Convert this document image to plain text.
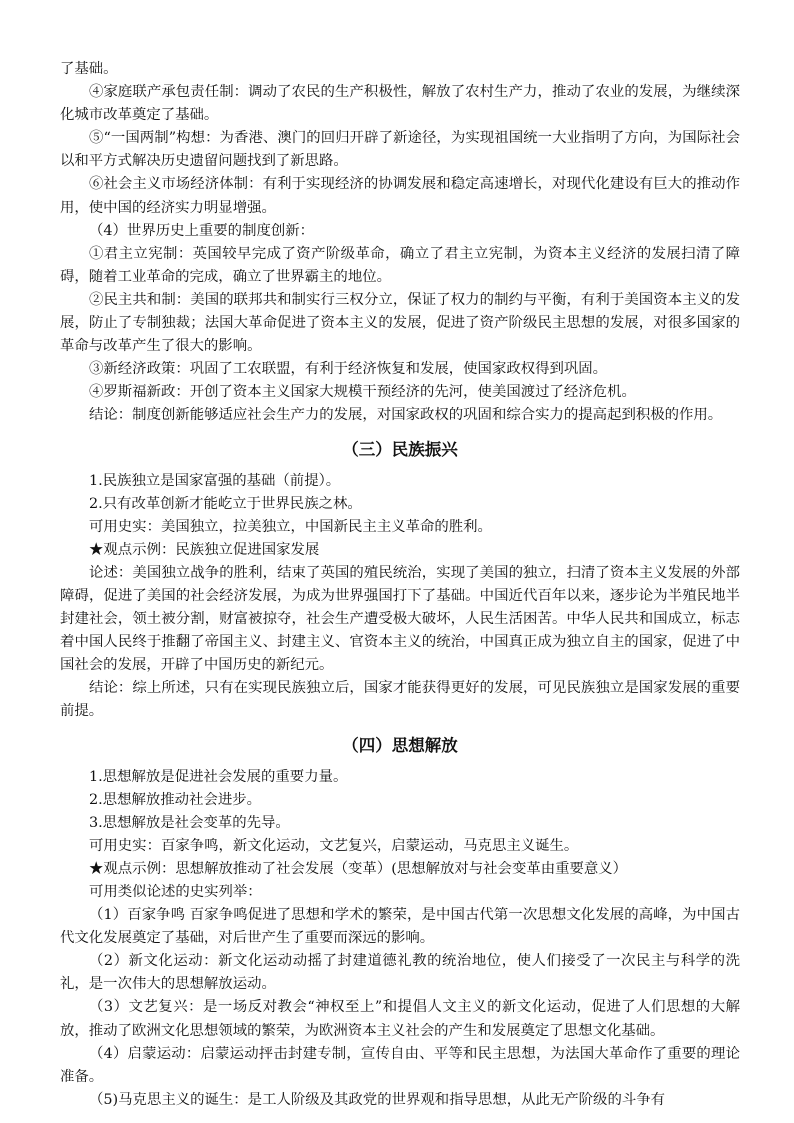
了基础。

④家庭联产承包责任制：调动了农民的生产积极性，解放了农村生产力，推动了农业的发展，为继续深化城市改革奠定了基础。

⑤“一国两制”构想：为香港、澳门的回归开辟了新途径，为实现祖国统一大业指明了方向，为国际社会以和平方式解决历史遗留问题找到了新思路。

⑥社会主义市场经济体制：有利于实现经济的协调发展和稳定高速增长，对现代化建设有巨大的推动作用，使中国的经济实力明显增强。

（4）世界历史上重要的制度创新：

①君主立宪制：英国较早完成了资产阶级革命，确立了君主立宪制，为资本主义经济的发展扫清了障碍，随着工业革命的完成，确立了世界霸主的地位。

②民主共和制：美国的联邦共和制实行三权分立，保证了权力的制约与平衡，有利于美国资本主义的发展，防止了专制独裁；法国大革命促进了资本主义的发展，促进了资产阶级民主思想的发展，对很多国家的革命与改革产生了很大的影响。

③新经济政策：巩固了工农联盟，有利于经济恢复和发展，使国家政权得到巩固。

④罗斯福新政：开创了资本主义国家大规模干预经济的先河，使美国渡过了经济危机。

结论：制度创新能够适应社会生产力的发展，对国家政权的巩固和综合实力的提高起到积极的作用。

（三）民族振兴

1.民族独立是国家富强的基础（前提）。

2.只有改革创新才能屹立于世界民族之林。

可用史实：美国独立，拉美独立，中国新民主主义革命的胜利。

★观点示例：民族独立促进国家发展

论述：美国独立战争的胜利，结束了英国的殖民统治，实现了美国的独立，扫清了资本主义发展的外部障碍，促进了美国的社会经济发展，为成为世界强国打下了基础。中国近代百年以来，逐步论为半殖民地半封建社会，领土被分割，财富被掠夺，社会生产遭受极大破坏，人民生活困苦。中华人民共和国成立，标志着中国人民终于推翻了帝国主义、封建主义、官资本主义的统治，中国真正成为独立自主的国家，促进了中国社会的发展，开辟了中国历史的新纪元。

结论：综上所述，只有在实现民族独立后，国家才能获得更好的发展，可见民族独立是国家发展的重要前提。

（四）思想解放

1.思想解放是促进社会发展的重要力量。

2.思想解放推动社会进步。

3.思想解放是社会变革的先导。

可用史实：百家争鸣，新文化运动，文艺复兴，启蒙运动，马克思主义诞生。

★观点示例：思想解放推动了社会发展（变革）(思想解放对与社会变革由重要意义）

可用类似论述的史实列举：

（1）百家争鸣 百家争鸣促进了思想和学术的繁荣，是中国古代第一次思想文化发展的高峰，为中国古代文化发展奠定了基础，对后世产生了重要而深远的影响。

（2）新文化运动：新文化运动动摇了封建道德礼教的统治地位，使人们接受了一次民主与科学的洗礼，是一次伟大的思想解放运动。

（3）文艺复兴：是一场反对教会“神权至上”和提倡人文主义的新文化运动，促进了人们思想的大解放，推动了欧洲文化思想领域的繁荣，为欧洲资本主义社会的产生和发展奠定了思想文化基础。

（4）启蒙运动：启蒙运动抨击封建专制，宣传自由、平等和民主思想，为法国大革命作了重要的理论准备。

（5)马克思主义的诞生：是工人阶级及其政党的世界观和指导思想，从此无产阶级的斗争有
